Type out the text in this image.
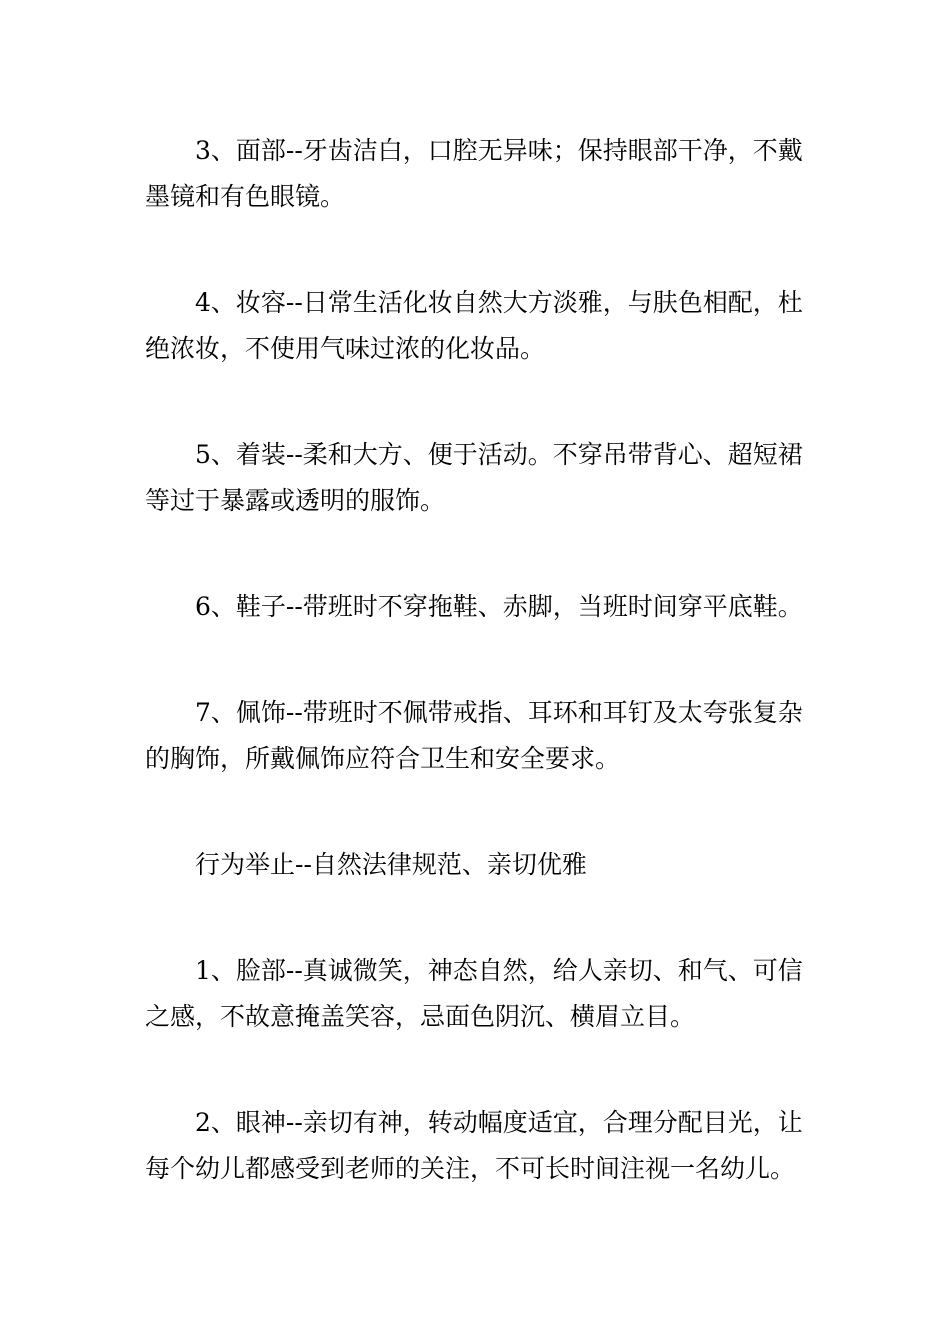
3、面部--牙齿洁白，口腔无异味；保持眼部干净，不戴墨镜和有色眼镜。

4、妆容--日常生活化妆自然大方淡雅，与肤色相配，杜绝浓妆，不使用气味过浓的化妆品。

5、着装--柔和大方、便于活动。不穿吊带背心、超短裙等过于暴露或透明的服饰。

6、鞋子--带班时不穿拖鞋、赤脚，当班时间穿平底鞋。

7、佩饰--带班时不佩带戒指、耳环和耳钉及太夸张复杂的胸饰，所戴佩饰应符合卫生和安全要求。

行为举止--自然法律规范、亲切优雅

1、脸部--真诚微笑，神态自然，给人亲切、和气、可信之感，不故意掩盖笑容，忌面色阴沉、横眉立目。

2、眼神--亲切有神，转动幅度适宜，合理分配目光，让每个幼儿都感受到老师的关注，不可长时间注视一名幼儿。
